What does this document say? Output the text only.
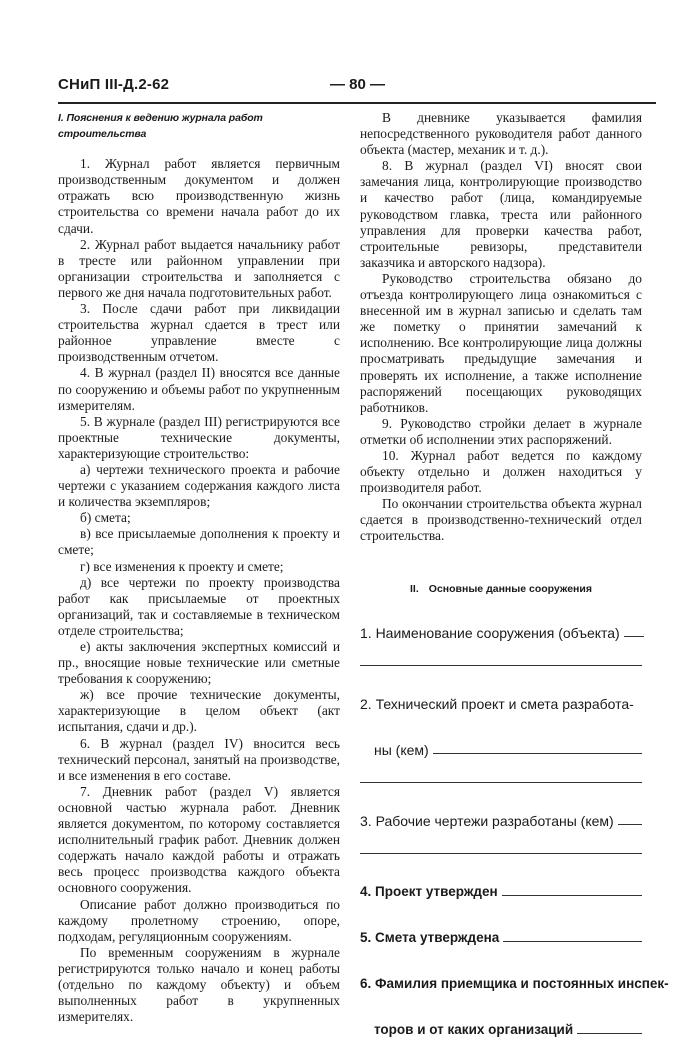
СНиП III-Д.2-62	— 80 —

I. Пояснения к ведению журнала работ строительства

1. Журнал работ является первичным производственным документом и должен отражать всю производственную жизнь строительства со времени начала работ до их сдачи.

2. Журнал работ выдается начальнику работ в тресте или районном управлении при организации строительства и заполняется с первого же дня начала подготовительных работ.

3. После сдачи работ при ликвидации строительства журнал сдается в трест или районное управление вместе с производственным отчетом.

4. В журнал (раздел II) вносятся все данные по сооружению и объемы работ по укрупненным измерителям.

5. В журнале (раздел III) регистрируются все проектные технические документы, характеризующие строительство:

а) чертежи технического проекта и рабочие чертежи с указанием содержания каждого листа и количества экземпляров;

б) смета;

в) все присылаемые дополнения к проекту и смете;

г) все изменения к проекту и смете;

д) все чертежи по проекту производства работ как присылаемые от проектных организаций, так и составляемые в техническом отделе строительства;

е) акты заключения экспертных комиссий и пр., вносящие новые технические или сметные требования к сооружению;

ж) все прочие технические документы, характеризующие в целом объект (акт испытания, сдачи и др.).

6. В журнал (раздел IV) вносится весь технический персонал, занятый на производстве, и все изменения в его составе.

7. Дневник работ (раздел V) является основной частью журнала работ. Дневник является документом, по которому составляется исполнительный график работ. Дневник должен содержать начало каждой работы и отражать весь процесс производства каждого объекта основного сооружения.

Описание работ должно производиться по каждому пролетному строению, опоре, подходам, регуляционным сооружениям.

По временным сооружениям в журнале регистрируются только начало и конец работы (отдельно по каждому объекту) и объем выполненных работ в укрупненных измерителях.

В дневнике указывается фамилия непосредственного руководителя работ данного объекта (мастер, механик и т. д.).

8. В журнал (раздел VI) вносят свои замечания лица, контролирующие производство и качество работ (лица, командируемые руководством главка, треста или районного управления для проверки качества работ, строительные ревизоры, представители заказчика и авторского надзора).

Руководство строительства обязано до отъезда контролирующего лица ознакомиться с внесенной им в журнал записью и сделать там же пометку о принятии замечаний к исполнению. Все контролирующие лица должны просматривать предыдущие замечания и проверять их исполнение, а также исполнение распоряжений посещающих руководящих работников.

9. Руководство стройки делает в журнале отметки об исполнении этих распоряжений.

10. Журнал работ ведется по каждому объекту отдельно и должен находиться у производителя работ.

По окончании строительства объекта журнал сдается в производственно-технический отдел строительства.

II. Основные данные сооружения

1. Наименование сооружения (объекта)
2. Технический проект и смета разработа-
ны (кем)
3. Рабочие чертежи разработаны (кем)
4. Проект утвержден
5. Смета утверждена
6. Фамилия приемщика и постоянных инспек-
торов и от каких организаций
